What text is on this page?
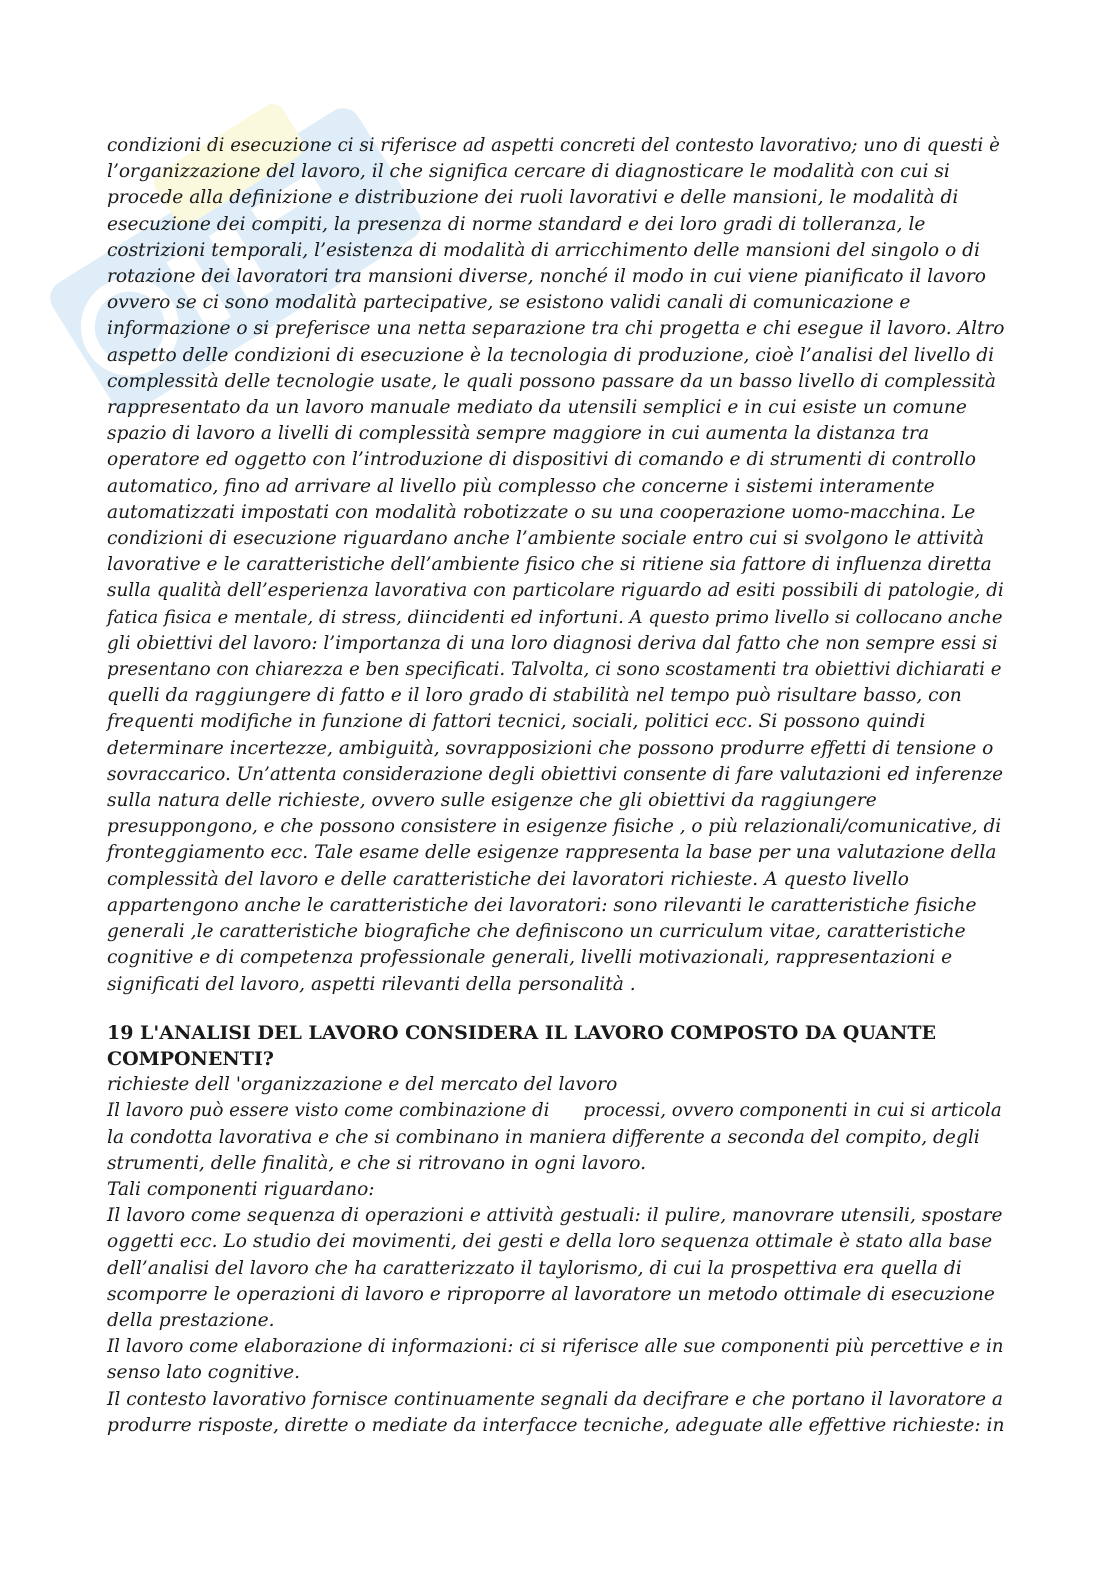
condizioni di esecuzione ci si riferisce ad aspetti concreti del contesto lavorativo; uno di questi è
l’organizzazione del lavoro, il che significa cercare di diagnosticare le modalità con cui si
procede alla definizione e distribuzione dei ruoli lavorativi e delle mansioni, le modalità di
esecuzione dei compiti, la presenza di norme standard e dei loro gradi di tolleranza, le
costrizioni temporali, l’esistenza di modalità di arricchimento delle mansioni del singolo o di
rotazione dei lavoratori tra mansioni diverse, nonché il modo in cui viene pianificato il lavoro
ovvero se ci sono modalità partecipative, se esistono validi canali di comunicazione e
informazione o si preferisce una netta separazione tra chi progetta e chi esegue il lavoro. Altro
aspetto delle condizioni di esecuzione è la tecnologia di produzione, cioè l’analisi del livello di
complessità delle tecnologie usate, le quali possono passare da un basso livello di complessità
rappresentato da un lavoro manuale mediato da utensili semplici e in cui esiste un comune
spazio di lavoro a livelli di complessità sempre maggiore in cui aumenta la distanza tra
operatore ed oggetto con l’introduzione di dispositivi di comando e di strumenti di controllo
automatico, fino ad arrivare al livello più complesso che concerne i sistemi interamente
automatizzati impostati con modalità robotizzate o su una cooperazione uomo-macchina. Le
condizioni di esecuzione riguardano anche l’ambiente sociale entro cui si svolgono le attività
lavorative e le caratteristiche dell’ambiente fisico che si ritiene sia fattore di influenza diretta
sulla qualità dell’esperienza lavorativa con particolare riguardo ad esiti possibili di patologie, di
fatica fisica e mentale, di stress, diincidenti ed infortuni. A questo primo livello si collocano anche
gli obiettivi del lavoro: l’importanza di una loro diagnosi deriva dal fatto che non sempre essi si
presentano con chiarezza e ben specificati. Talvolta, ci sono scostamenti tra obiettivi dichiarati e
quelli da raggiungere di fatto e il loro grado di stabilità nel tempo può risultare basso, con
frequenti modifiche in funzione di fattori tecnici, sociali, politici ecc. Si possono quindi
determinare incertezze, ambiguità, sovrapposizioni che possono produrre effetti di tensione o
sovraccarico. Un’attenta considerazione degli obiettivi consente di fare valutazioni ed inferenze
sulla natura delle richieste, ovvero sulle esigenze che gli obiettivi da raggiungere
presuppongono, e che possono consistere in esigenze fisiche , o più relazionali/comunicative, di
fronteggiamento ecc. Tale esame delle esigenze rappresenta la base per una valutazione della
complessità del lavoro e delle caratteristiche dei lavoratori richieste. A questo livello
appartengono anche le caratteristiche dei lavoratori: sono rilevanti le caratteristiche fisiche
generali ,le caratteristiche biografiche che definiscono un curriculum vitae, caratteristiche
cognitive e di competenza professionale generali, livelli motivazionali, rappresentazioni e
significati del lavoro, aspetti rilevanti della personalità .
19 L'ANALISI DEL LAVORO CONSIDERA IL LAVORO COMPOSTO DA QUANTE
COMPONENTI?
richieste dell 'organizzazione e del mercato del lavoro
Il lavoro può essere visto come combinazione di processi, ovvero componenti in cui si articola
la condotta lavorativa e che si combinano in maniera differente a seconda del compito, degli
strumenti, delle finalità, e che si ritrovano in ogni lavoro.
Tali componenti riguardano:
Il lavoro come sequenza di operazioni e attività gestuali: il pulire, manovrare utensili, spostare
oggetti ecc. Lo studio dei movimenti, dei gesti e della loro sequenza ottimale è stato alla base
dell’analisi del lavoro che ha caratterizzato il taylorismo, di cui la prospettiva era quella di
scomporre le operazioni di lavoro e riproporre al lavoratore un metodo ottimale di esecuzione
della prestazione.
Il lavoro come elaborazione di informazioni: ci si riferisce alle sue componenti più percettive e in
senso lato cognitive.
Il contesto lavorativo fornisce continuamente segnali da decifrare e che portano il lavoratore a
produrre risposte, dirette o mediate da interfacce tecniche, adeguate alle effettive richieste: in
